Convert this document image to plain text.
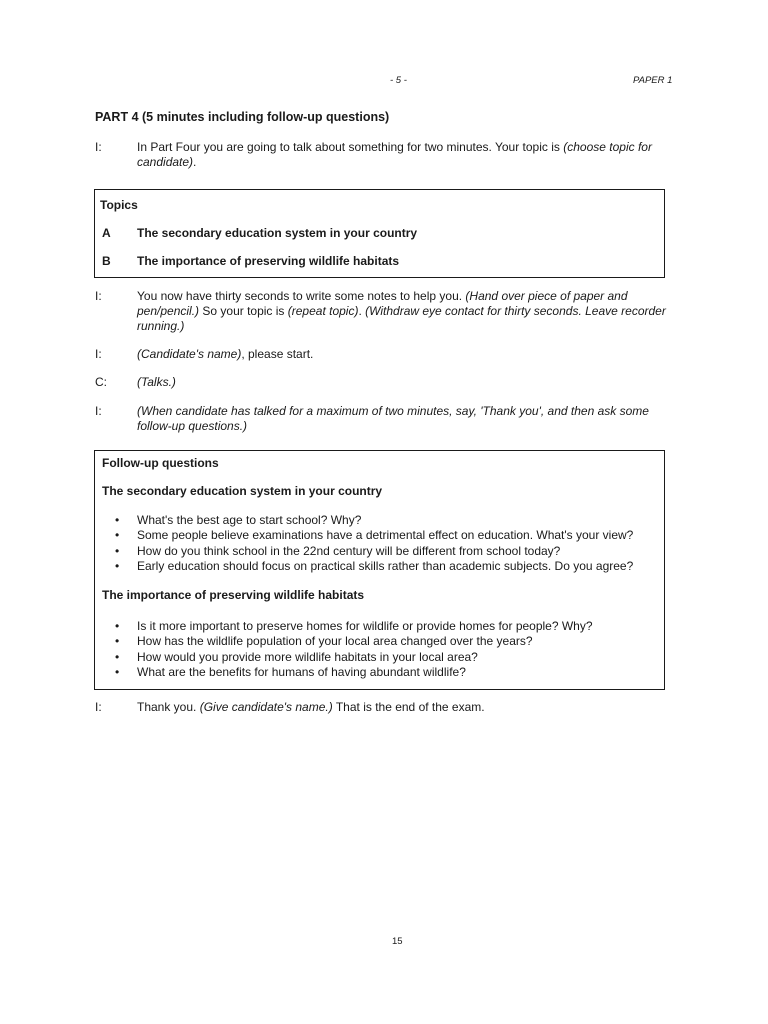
- 5 -	PAPER 1
PART 4 (5 minutes including follow-up questions)
I:	In Part Four you are going to talk about something for two minutes. Your topic is (choose topic for candidate).
Topics
A The secondary education system in your country
B The importance of preserving wildlife habitats
I:	You now have thirty seconds to write some notes to help you. (Hand over piece of paper and pen/pencil.) So your topic is (repeat topic). (Withdraw eye contact for thirty seconds. Leave recorder running.)
I:	(Candidate's name), please start.
C:	(Talks.)
I:	(When candidate has talked for a maximum of two minutes, say, 'Thank you', and then ask some follow-up questions.)
Follow-up questions
The secondary education system in your country
• What's the best age to start school? Why?
• Some people believe examinations have a detrimental effect on education. What's your view?
• How do you think school in the 22nd century will be different from school today?
• Early education should focus on practical skills rather than academic subjects. Do you agree?
The importance of preserving wildlife habitats
• Is it more important to preserve homes for wildlife or provide homes for people? Why?
• How has the wildlife population of your local area changed over the years?
• How would you provide more wildlife habitats in your local area?
• What are the benefits for humans of having abundant wildlife?
I:	Thank you. (Give candidate's name.) That is the end of the exam.
15
